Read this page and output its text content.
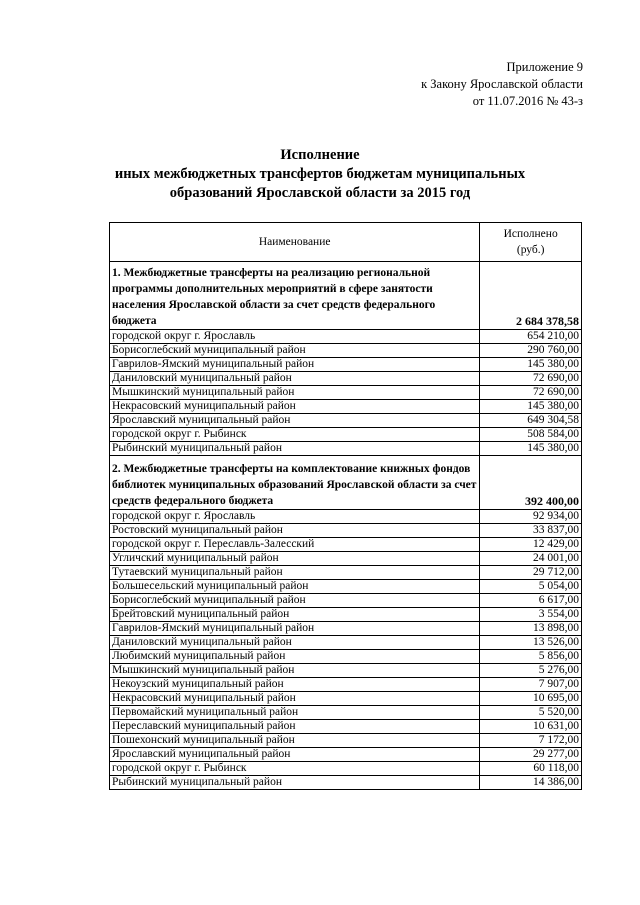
Приложение 9
к Закону Ярославской области
от 11.07.2016 № 43-з
Исполнение
иных межбюджетных трансфертов бюджетам муниципальных
образований Ярославской области за 2015 год
Наименование	Исполнено
(руб.)

1. Межбюджетные трансферты на реализацию региональной программы дополнительных мероприятий в сфере занятости населения Ярославской области за счет средств федерального бюджета	2 684 378,58
городской округ г. Ярославль	654 210,00
Борисоглебский муниципальный район	290 760,00
Гаврилов-Ямский муниципальный район	145 380,00
Даниловский муниципальный район	72 690,00
Мышкинский муниципальный район	72 690,00
Некрасовский муниципальный район	145 380,00
Ярославский муниципальный район	649 304,58
городской округ г. Рыбинск	508 584,00
Рыбинский муниципальный район	145 380,00
2. Межбюджетные трансферты на комплектование книжных фондов библиотек муниципальных образований Ярославской области за счет средств федерального бюджета	392 400,00
городской округ г. Ярославль	92 934,00
Ростовский муниципальный район	33 837,00
городской округ г. Переславль-Залесский	12 429,00
Угличский муниципальный район	24 001,00
Тутаевский муниципальный район	29 712,00
Большесельский муниципальный район	5 054,00
Борисоглебский муниципальный район	6 617,00
Брейтовский муниципальный район	3 554,00
Гаврилов-Ямский муниципальный район	13 898,00
Даниловский муниципальный район	13 526,00
Любимский муниципальный район	5 856,00
Мышкинский муниципальный район	5 276,00
Некоузский муниципальный район	7 907,00
Некрасовский муниципальный район	10 695,00
Первомайский муниципальный район	5 520,00
Переславский муниципальный район	10 631,00
Пошехонский муниципальный район	7 172,00
Ярославский муниципальный район	29 277,00
городской округ г. Рыбинск	60 118,00
Рыбинский муниципальный район	14 386,00
